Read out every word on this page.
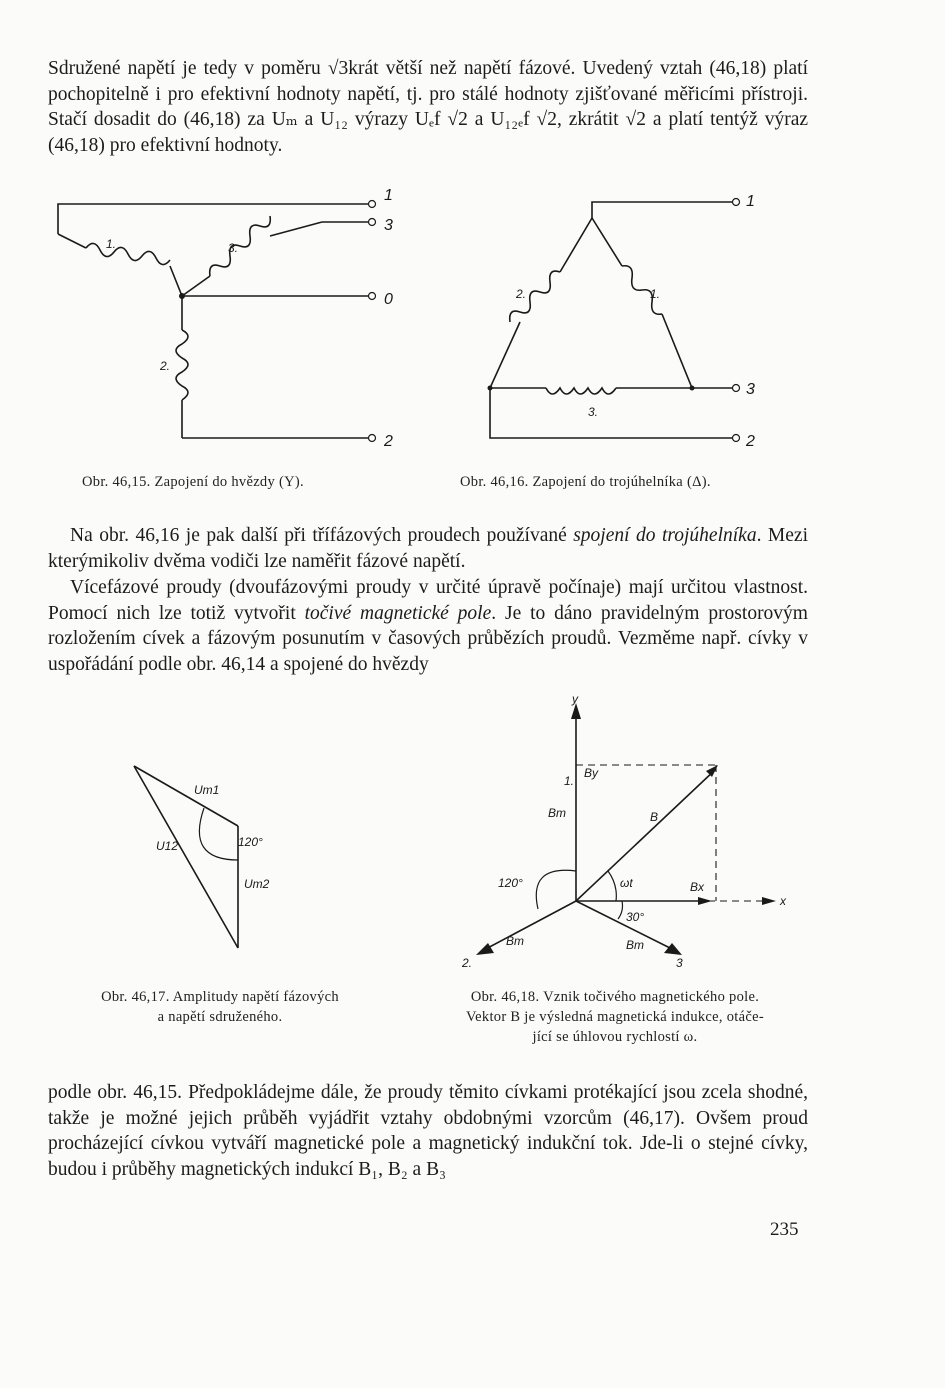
Sdružené napětí je tedy v poměru √3krát větší než napětí fázové. Uvedený vztah (46,18) platí pochopitelně i pro efektivní hodnoty napětí, tj. pro stálé hodnoty zjišťované měřicími přístroji. Stačí dosadit do (46,18) za Uₘ a U₁₂ výrazy Uₑf √2 a U₁₂ₑf √2, zkrátit √2 a platí tentýž výraz (46,18) pro efektivní hodnoty.

1
1.
3
3.
0
2
2.
Obr. 46,15. Zapojení do hvězdy (Y).
1
2.	1.
3
3.
2
Obr. 46,16. Zapojení do trojúhelníka (Δ).

Na obr. 46,16 je pak další při třífázových proudech používané spojení do trojúhelníka. Mezi kterýmikoliv dvěma vodiči lze naměřit fázové napětí.

Vícefázové proudy (dvoufázovými proudy v určité úpravě počínaje) mají určitou vlastnost. Pomocí nich lze totiž vytvořit točivé magnetické pole. Je to dáno pravidelným prostorovým rozložením cívek a fázovým posunutím v časových průbězích proudů. Vezměme např. cívky v uspořádání podle obr. 46,14 a spojené do hvězdy

Um1
U12	120°
Um2
Obr. 46,17. Amplitudy napětí fázových
a napětí sdruženého.
y
x
B
1.
By
Bm
Bx
120°	ωt
30°
Bm
2.
Bm
3
Obr. 46,18. Vznik točivého magnetického pole.
Vektor B je výsledná magnetická indukce, otáče-
jící se úhlovou rychlostí ω.

podle obr. 46,15. Předpokládejme dále, že proudy těmito cívkami protékající jsou zcela shodné, takže je možné jejich průběh vyjádřit vztahy obdobnými vzorcům (46,17). Ovšem proud procházející cívkou vytváří magnetické pole a magnetický indukční tok. Jde-li o stejné cívky, budou i průběhy magnetických indukcí B₁, B₂ a B₃

235
